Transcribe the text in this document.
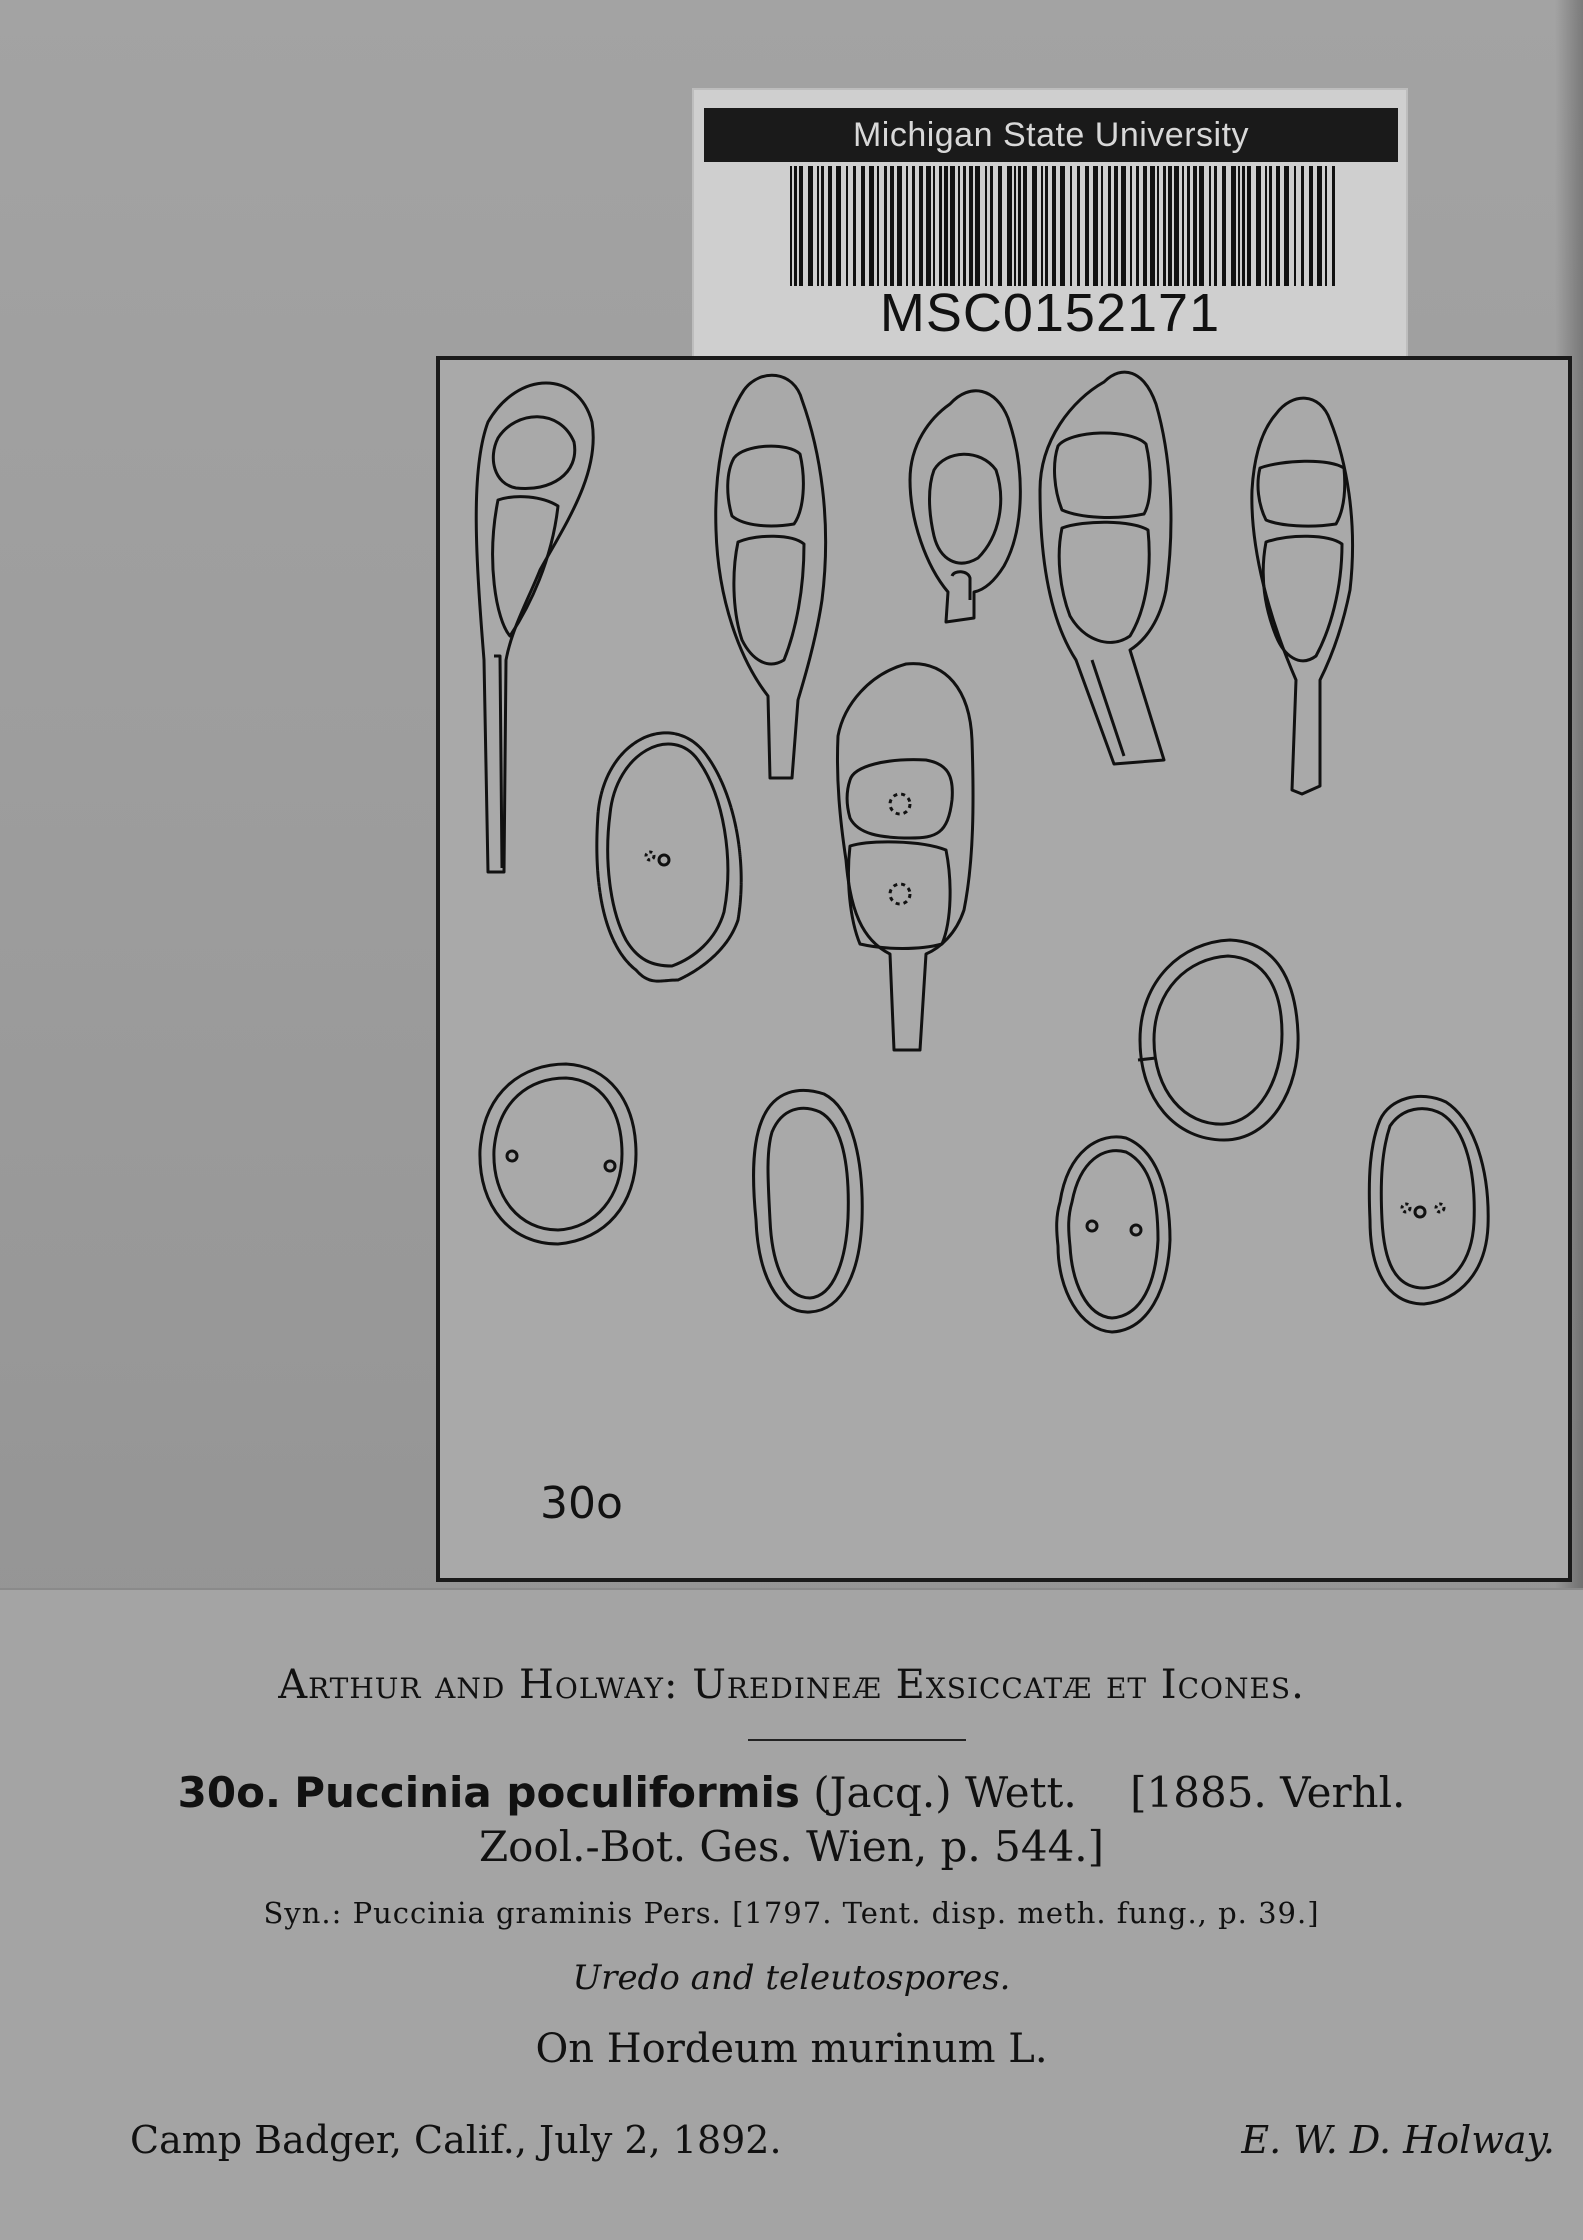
Michigan State University
MSC0152171
30o
Arthur and Holway: Uredineæ Exsiccatæ et Icones.
30o. Puccinia poculiformis (Jacq.) Wett. [1885. Verhl.
Zool.-Bot. Ges. Wien, p. 544.]
Syn.: Puccinia graminis Pers. [1797. Tent. disp. meth. fung., p. 39.]
Uredo and teleutospores.
On Hordeum murinum L.
Camp Badger, Calif., July 2, 1892.	E. W. D. Holway.
